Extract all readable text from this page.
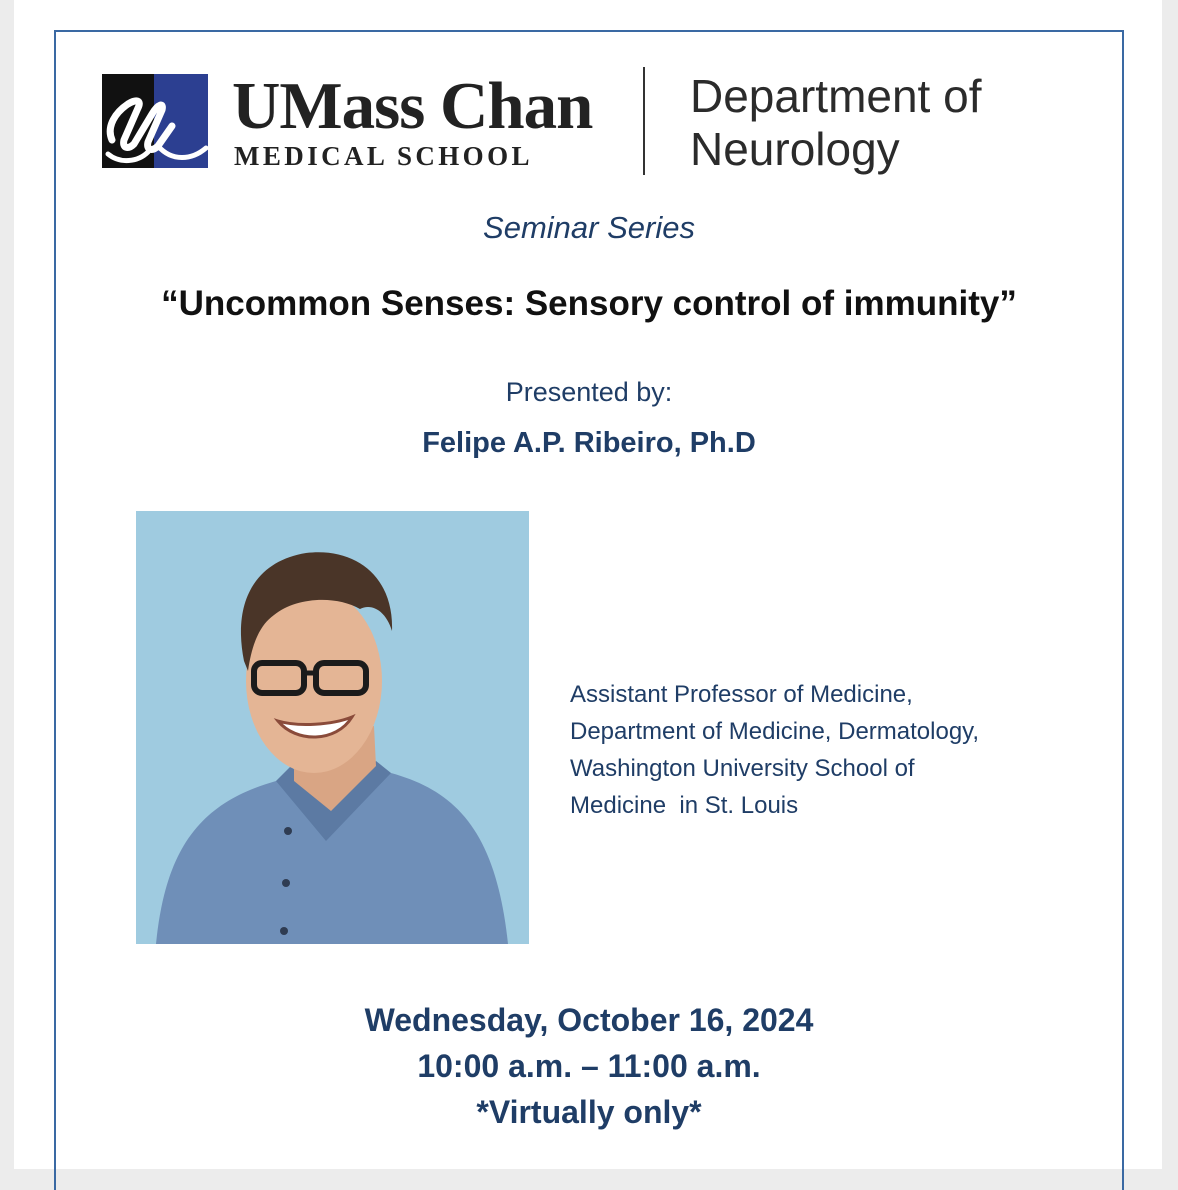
UMass Chan
MEDICAL SCHOOL
Department of
Neurology
Seminar Series
“Uncommon Senses: Sensory control of immunity”
Presented by:
Felipe A.P. Ribeiro, Ph.D
Assistant Professor of Medicine,
Department of Medicine, Dermatology,
Washington University School of
Medicine  in St. Louis
Wednesday, October 16, 2024
10:00 a.m. – 11:00 a.m.
*Virtually only*
